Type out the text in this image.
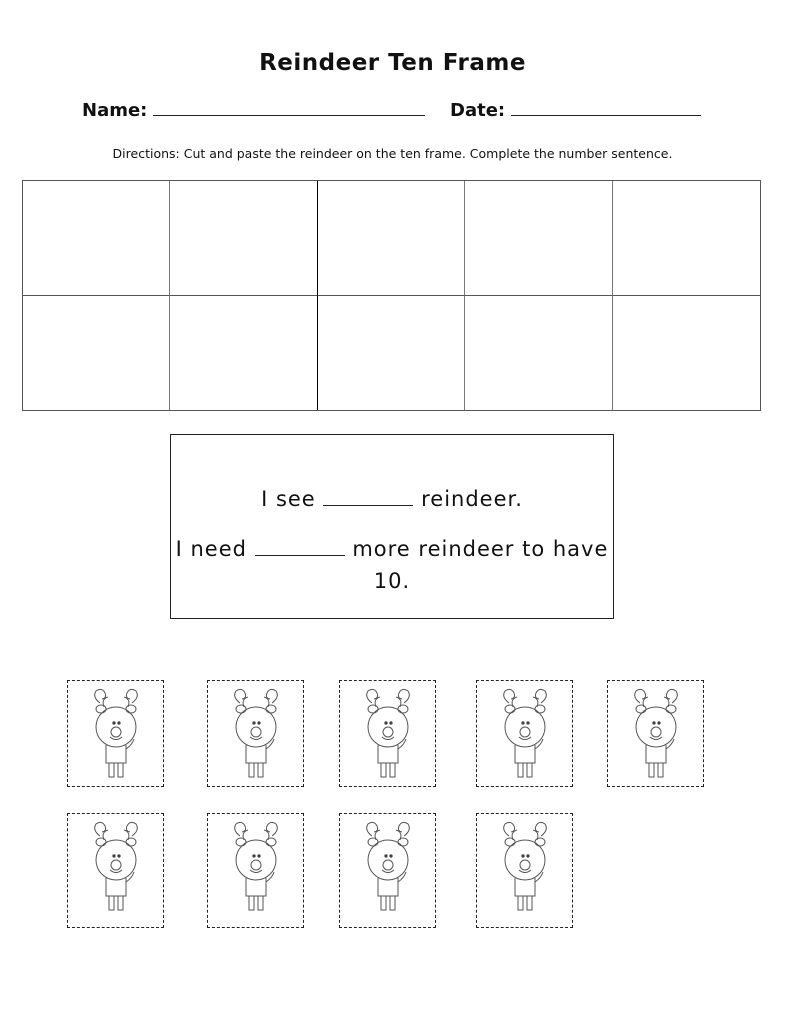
Reindeer Ten Frame
Name:	Date:
Directions: Cut and paste the reindeer on the ten frame. Complete the number sentence.
I see	reindeer.
I need	more reindeer to have 10.
